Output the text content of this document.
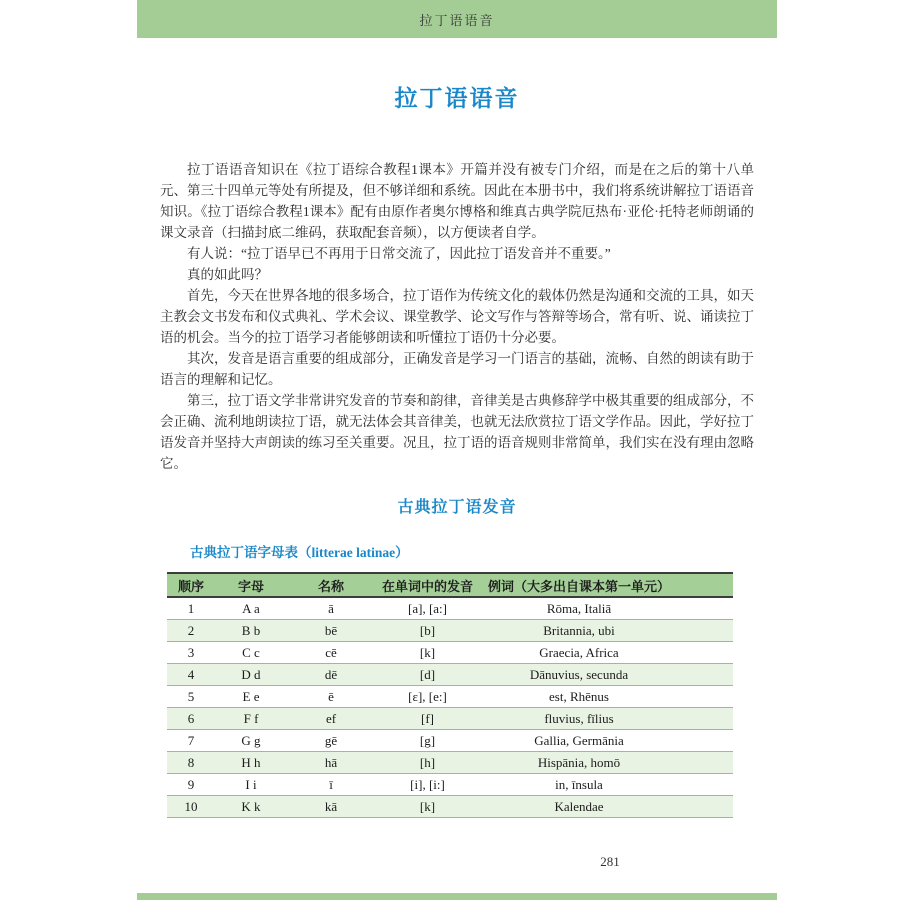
拉丁语语音
拉丁语语音

拉丁语语音知识在《拉丁语综合教程1课本》开篇并没有被专门介绍，而是在之后的第十八单元、第三十四单元等处有所提及，但不够详细和系统。因此在本册书中，我们将系统讲解拉丁语语音知识。《拉丁语综合教程1课本》配有由原作者奥尔博格和维真古典学院厄热布·亚伦·托特老师朗诵的课文录音（扫描封底二维码，获取配套音频），以方便读者自学。

有人说：“拉丁语早已不再用于日常交流了，因此拉丁语发音并不重要。”

真的如此吗？

首先，今天在世界各地的很多场合，拉丁语作为传统文化的载体仍然是沟通和交流的工具，如天主教会文书发布和仪式典礼、学术会议、课堂教学、论文写作与答辩等场合，常有听、说、诵读拉丁语的机会。当今的拉丁语学习者能够朗读和听懂拉丁语仍十分必要。

其次，发音是语言重要的组成部分，正确发音是学习一门语言的基础，流畅、自然的朗读有助于语言的理解和记忆。

第三，拉丁语文学非常讲究发音的节奏和韵律，音律美是古典修辞学中极其重要的组成部分，不会正确、流利地朗读拉丁语，就无法体会其音律美，也就无法欣赏拉丁语文学作品。因此，学好拉丁语发音并坚持大声朗读的练习至关重要。况且，拉丁语的语音规则非常简单，我们实在没有理由忽略它。

古典拉丁语发音
古典拉丁语字母表（litterae latinae）
顺序	字母	名称	在单词中的发音	例词（大多出自课本第一单元）
1	A a	ā	[a], [a:]	Rōma, Italiā
2	B b	bē	[b]	Britannia, ubi
3	C c	cē	[k]	Graecia, Africa
4	D d	dē	[d]	Dānuvius, secunda
5	E e	ē	[ε], [e:]	est, Rhēnus
6	F f	ef	[f]	fluvius, fīlius
7	G g	gē	[g]	Gallia, Germānia
8	H h	hā	[h]	Hispānia, homō
9	I i	ī	[i], [i:]	in, īnsula
10	K k	kā	[k]	Kalendae
281
